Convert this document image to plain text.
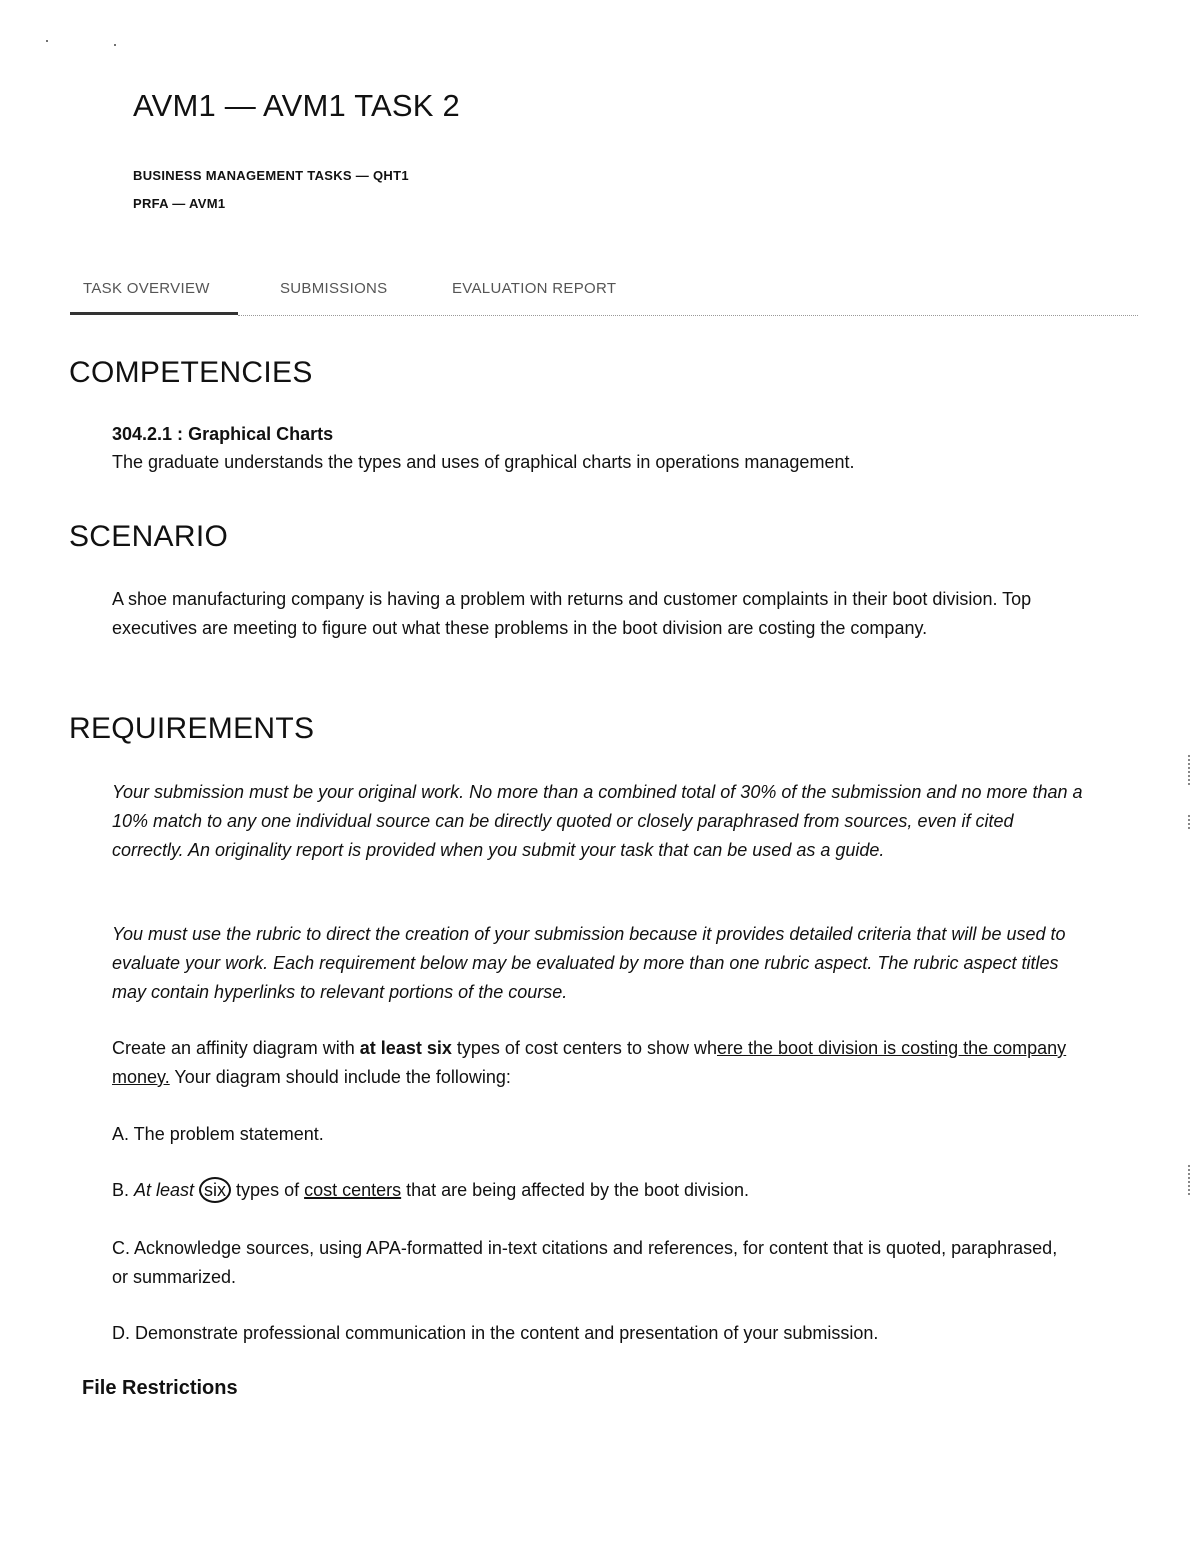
AVM1 — AVM1 TASK 2
BUSINESS MANAGEMENT TASKS — QHT1
PRFA — AVM1
TASK OVERVIEW	SUBMISSIONS	EVALUATION REPORT
COMPETENCIES

304.2.1 : Graphical Charts

The graduate understands the types and uses of graphical charts in operations management.

SCENARIO

A shoe manufacturing company is having a problem with returns and customer complaints in their boot division. Top executives are meeting to figure out what these problems in the boot division are costing the company.

REQUIREMENTS

Your submission must be your original work. No more than a combined total of 30% of the submission and no more than a 10% match to any one individual source can be directly quoted or closely paraphrased from sources, even if cited correctly. An originality report is provided when you submit your task that can be used as a guide.

You must use the rubric to direct the creation of your submission because it provides detailed criteria that will be used to evaluate your work. Each requirement below may be evaluated by more than one rubric aspect. The rubric aspect titles may contain hyperlinks to relevant portions of the course.

Create an affinity diagram with at least six types of cost centers to show where the boot division is costing the company money. Your diagram should include the following:

A. The problem statement.

B. At least six types of cost centers that are being affected by the boot division.

C. Acknowledge sources, using APA-formatted in-text citations and references, for content that is quoted, paraphrased, or summarized.

D. Demonstrate professional communication in the content and presentation of your submission.

File Restrictions
